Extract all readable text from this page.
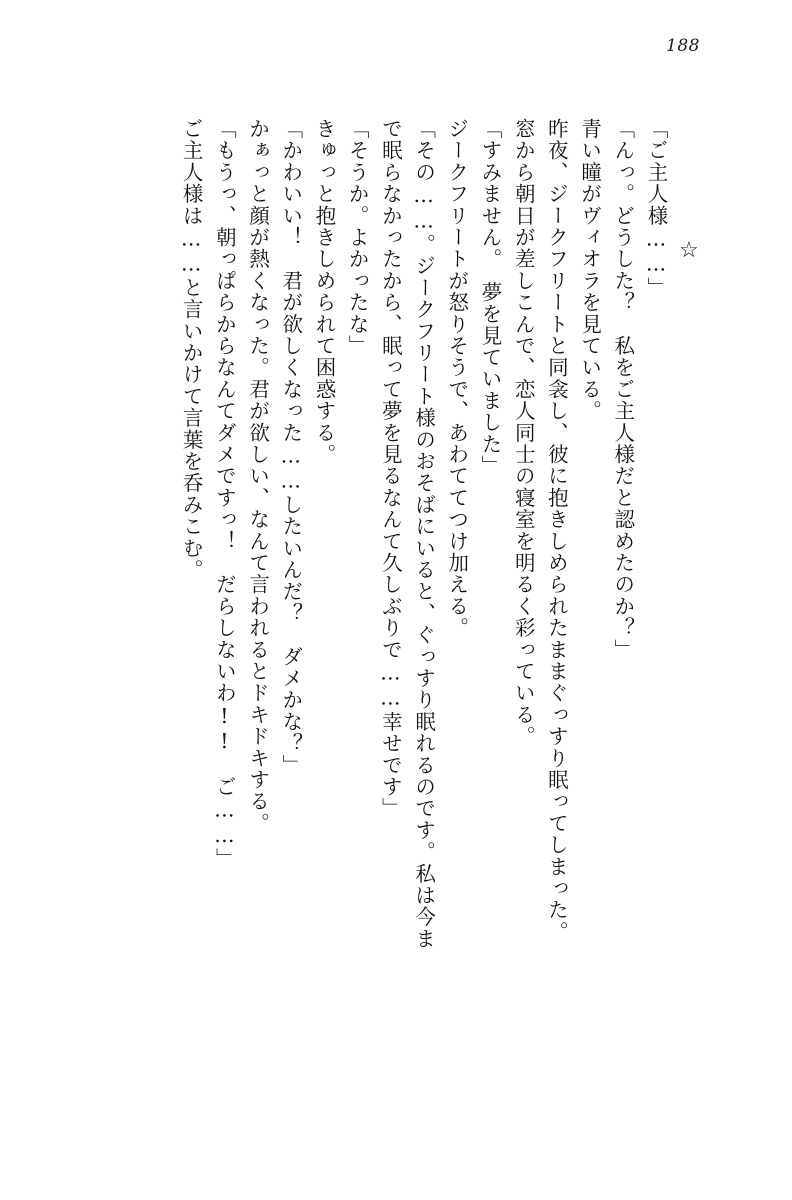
188
☆
「ご主人様……」
「んっ。どうした？　私をご主人様だと認めたのか？」
青い瞳がヴィオラを見ている。
昨夜、ジークフリートと同衾し、彼に抱きしめられたままぐっすり眠ってしまった。
窓から朝日が差しこんで、恋人同士の寝室を明るく彩っている。
「すみません。　夢を見ていました」
ジークフリートが怒りそうで、あわててつけ加える。
「その……。ジークフリート様のおそばにいると、ぐっすり眠れるのです。私は今ま
で眠らなかったから、眠って夢を見るなんて久しぶりで……幸せです」
「そうか。よかったな」
きゅっと抱きしめられて困惑する。
「かわいい！　君が欲しくなった……したいんだ？　ダメかな？」
かぁっと顔が熱くなった。君が欲しい、なんて言われるとドキドキする。
「もうっ、朝っぱらからなんてダメですっ！　だらしないわ!!　ご……」
ご主人様は……と言いかけて言葉を呑みこむ。
